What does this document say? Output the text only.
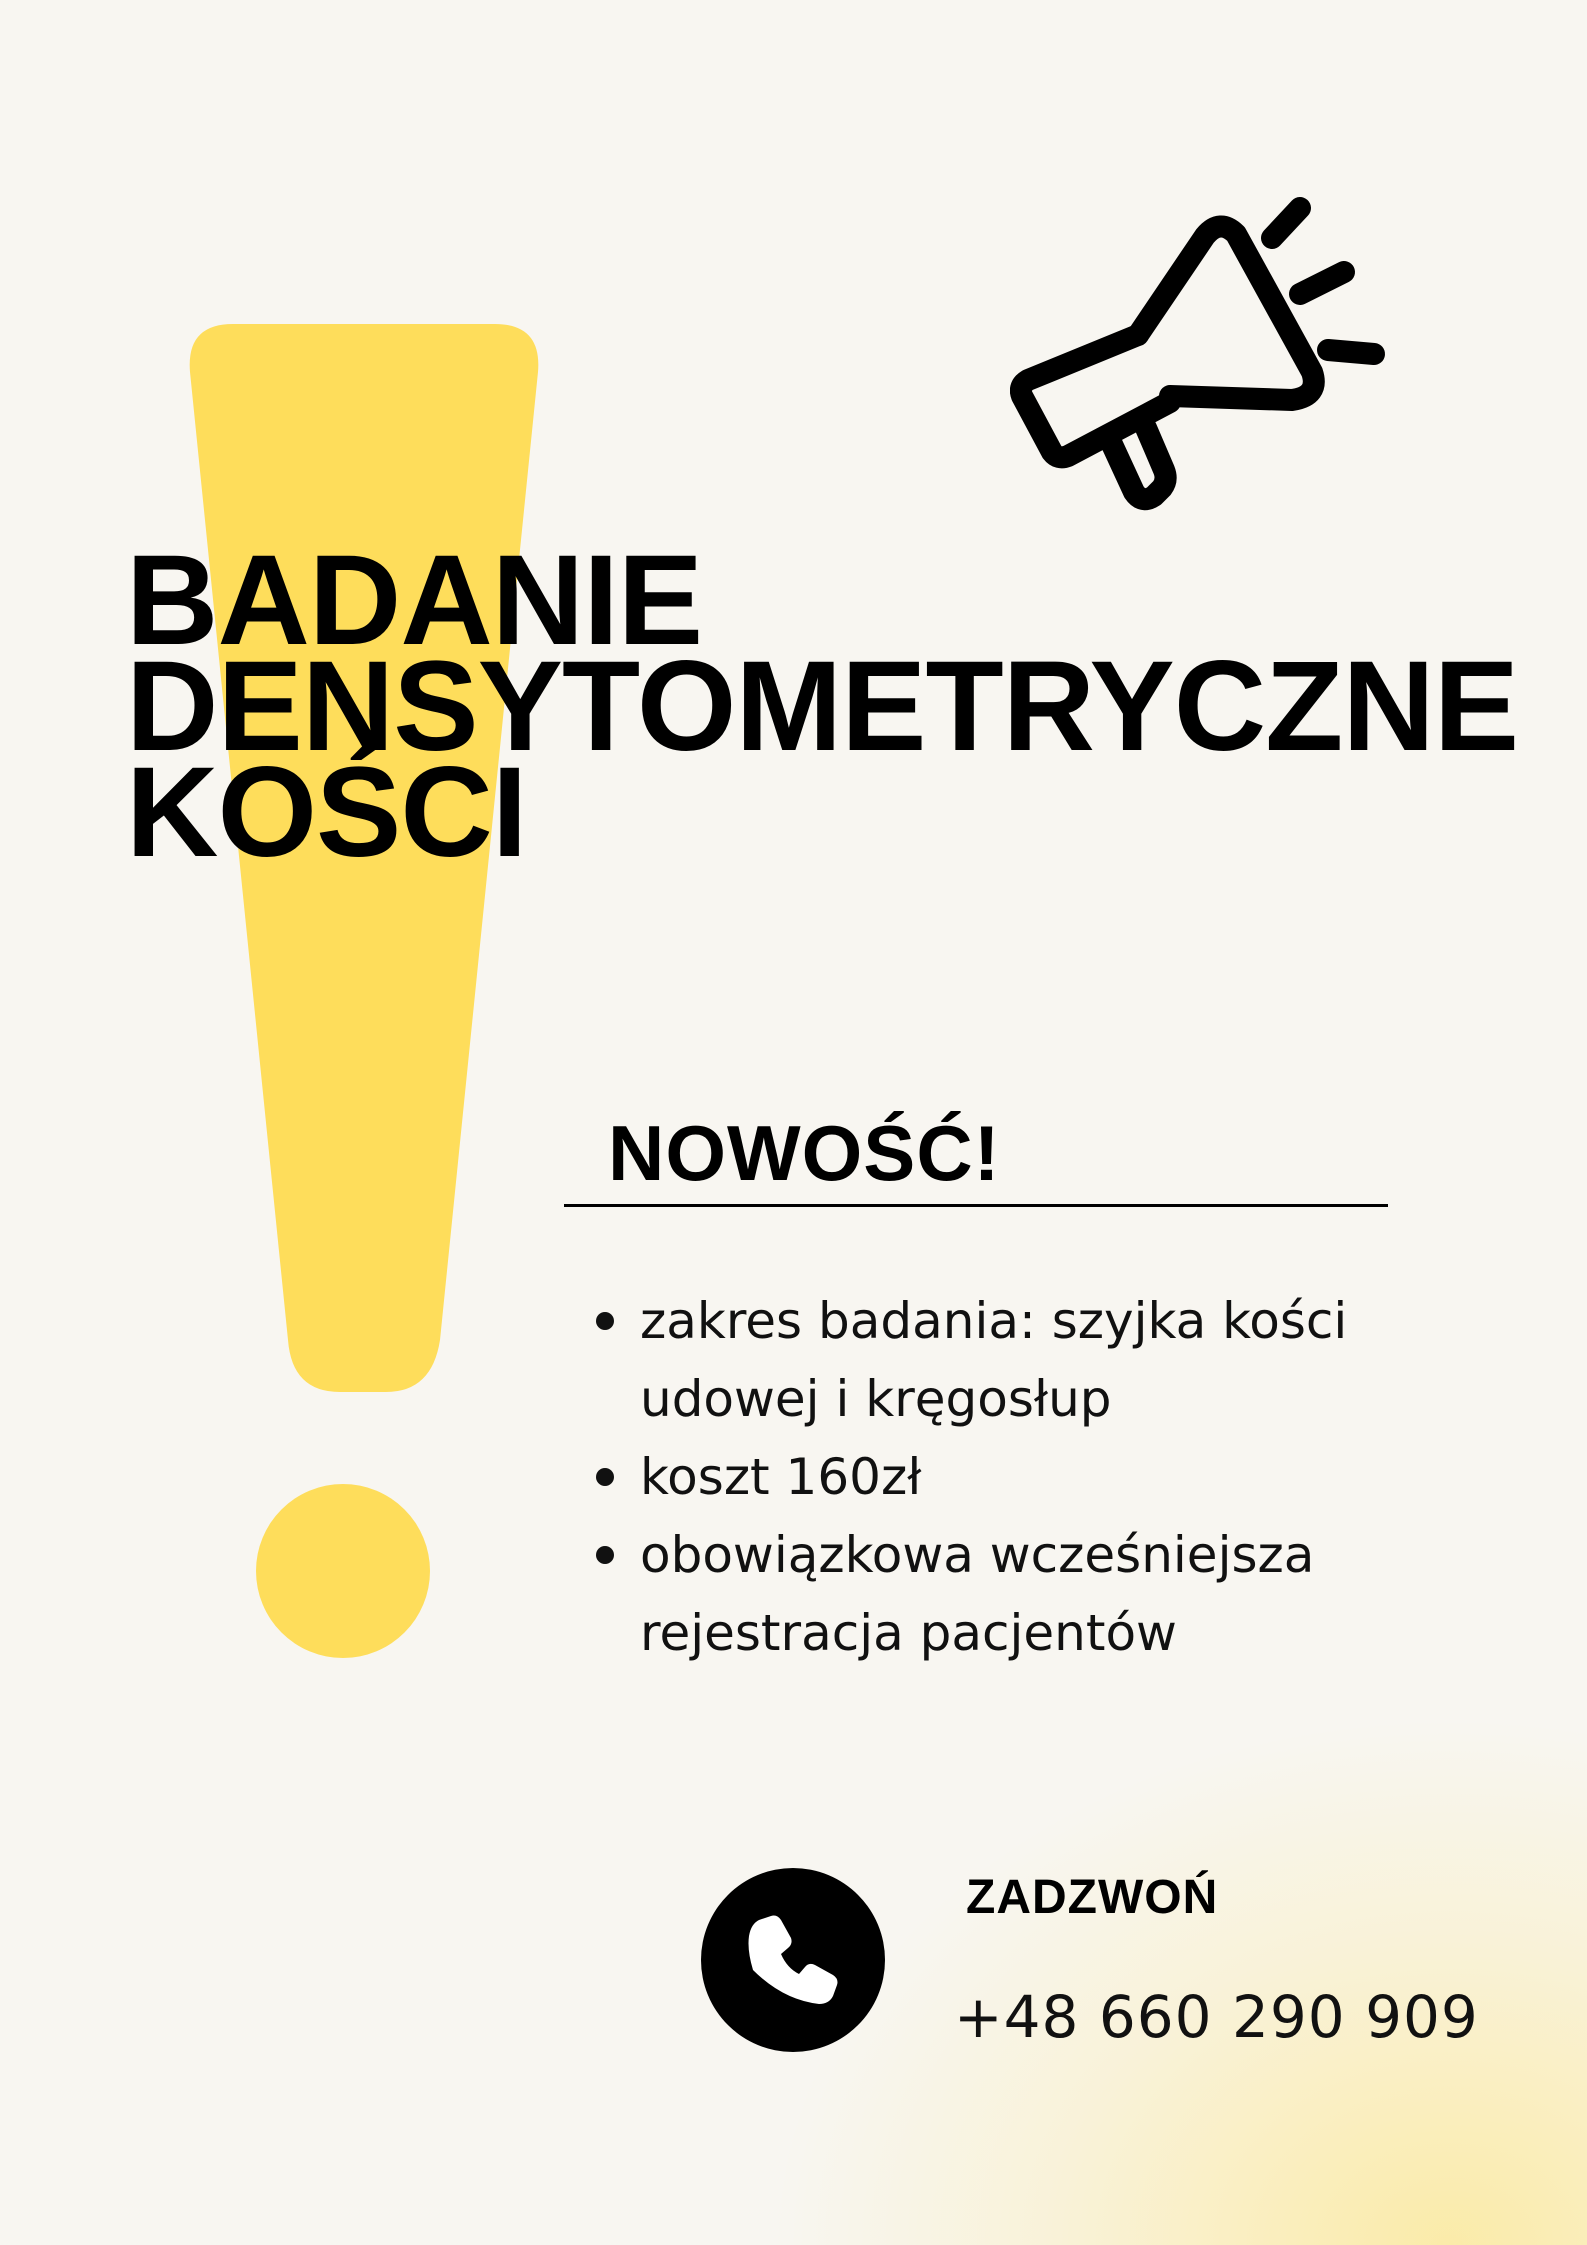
BADANIE
DENSYTOMETRYCZNE
KOŚCI
NOWOŚĆ!
zakres badania: szyjka kości udowej i kręgosłup
koszt 160zł
obowiązkowa wcześniejsza rejestracja pacjentów

ZADZWOŃ

+48 660 290 909
